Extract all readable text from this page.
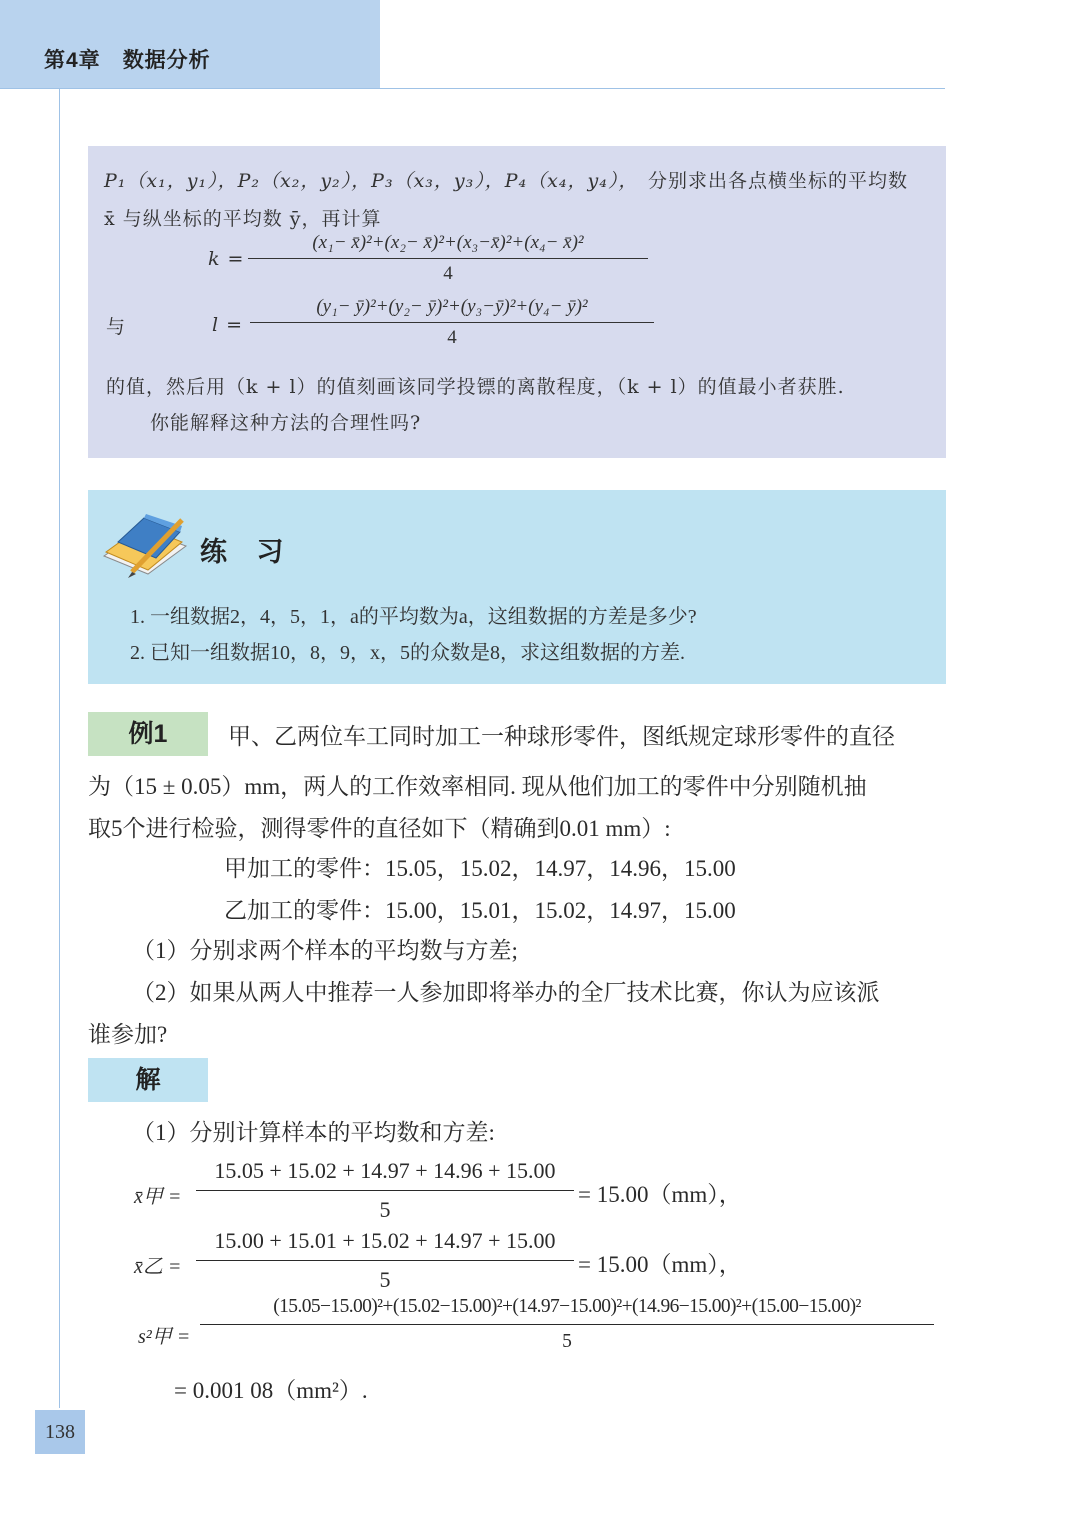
第4章 数据分析
P₁（x₁，y₁），P₂（x₂，y₂），P₃（x₃，y₃），P₄（x₄，y₄）， 分别求出各点横坐标的平均数
x̄ 与纵坐标的平均数 ȳ，再计算
k =
(x₁− x̄)²+(x₂− x̄)²+(x₃−x̄)²+(x₄− x̄)²
4
与	l =
(y₁− ȳ)²+(y₂− ȳ)²+(y₃−ȳ)²+(y₄− ȳ)²
4
的值，然后用（k + l）的值刻画该同学投镖的离散程度，（k + l）的值最小者获胜.
你能解释这种方法的合理性吗?
练 习
1. 一组数据2，4，5，1，a的平均数为a，这组数据的方差是多少?
2. 已知一组数据10，8，9，x，5的众数是8，求这组数据的方差.
例1	甲、乙两位车工同时加工一种球形零件，图纸规定球形零件的直径
为（15 ± 0.05）mm，两人的工作效率相同. 现从他们加工的零件中分别随机抽
取5个进行检验，测得零件的直径如下（精确到0.01 mm）:
甲加工的零件：15.05，15.02，14.97，14.96，15.00
乙加工的零件：15.00，15.01，15.02，14.97，15.00
（1）分别求两个样本的平均数与方差;
（2）如果从两人中推荐一人参加即将举办的全厂技术比赛，你认为应该派
谁参加?
解
（1）分别计算样本的平均数和方差:
x̄甲 =
15.05 + 15.02 + 14.97 + 14.96 + 15.00
5
= 15.00（mm），
x̄乙 =
15.00 + 15.01 + 15.02 + 14.97 + 15.00
5
= 15.00（mm），
s²甲 =
(15.05−15.00)²+(15.02−15.00)²+(14.97−15.00)²+(14.96−15.00)²+(15.00−15.00)²
5
= 0.001 08（mm²）.
138
